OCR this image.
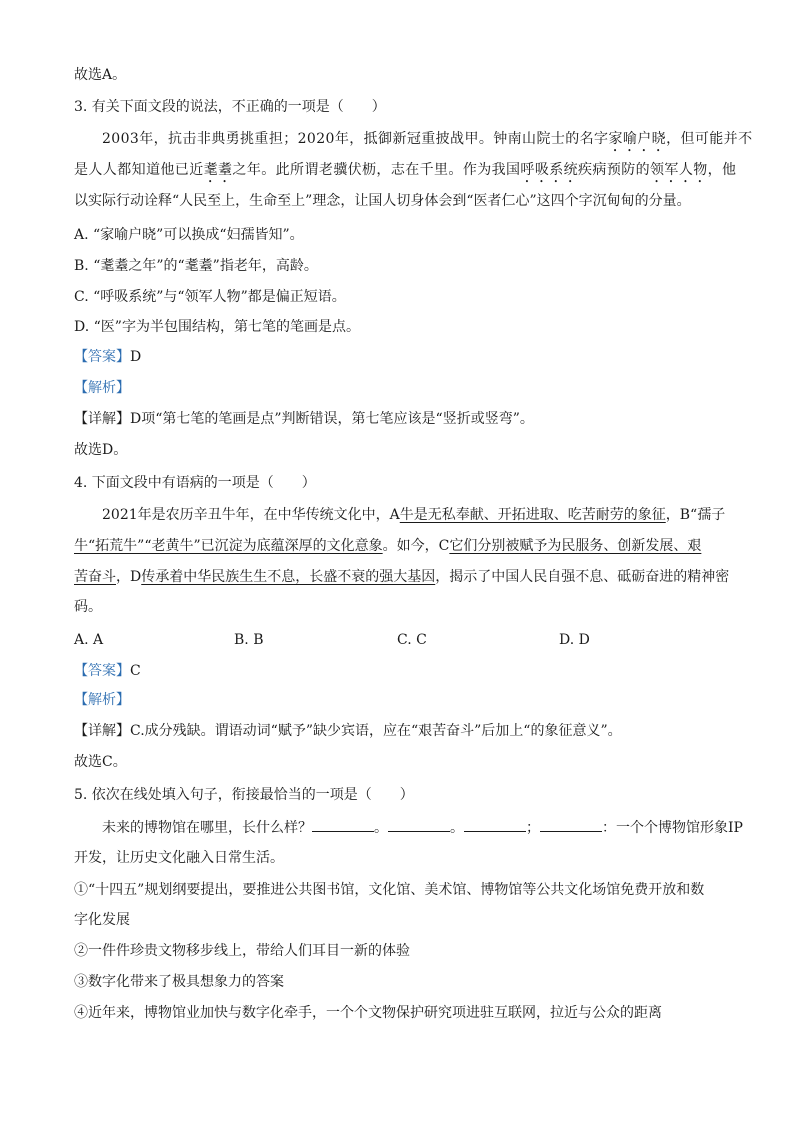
故选A。
3. 有关下面文段的说法，不正确的一项是（　　）
2003年，抗击非典勇挑重担；2020年，抵御新冠重披战甲。钟南山院士的名字家喻户晓，但可能并不
是人人都知道他已近耄耋之年。此所谓老骥伏枥，志在千里。作为我国呼吸系统疾病预防的领军人物，他
以实际行动诠释“人民至上，生命至上”理念，让国人切身体会到“医者仁心”这四个字沉甸甸的分量。
A. “家喻户晓”可以换成“妇孺皆知”。
B. “耄耋之年”的“耄耋”指老年，高龄。
C. “呼吸系统”与“领军人物”都是偏正短语。
D. “医”字为半包围结构，第七笔的笔画是点。
【答案】D
【解析】
【详解】D项“第七笔的笔画是点”判断错误，第七笔应该是“竖折或竖弯”。
故选D。
4. 下面文段中有语病的一项是（　　）
2021年是农历辛丑牛年，在中华传统文化中，A牛是无私奉献、开拓进取、吃苦耐劳的象征，B“孺子
牛“拓荒牛”“老黄牛”已沉淀为底蕴深厚的文化意象。如今，C它们分别被赋予为民服务、创新发展、艰
苦奋斗，D传承着中华民族生生不息，长盛不衰的强大基因，揭示了中国人民自强不息、砥砺奋进的精神密
码。
A. A	B. B	C. C	D. D
【答案】C
【解析】
【详解】C.成分残缺。谓语动词“赋予”缺少宾语，应在“艰苦奋斗”后加上“的象征意义”。
故选C。
5. 依次在线处填入句子，衔接最恰当的一项是（　　）
未来的博物馆在哪里，长什么样？	。	。	；	：一个个博物馆形象IP
开发，让历史文化融入日常生活。
①“十四五”规划纲要提出，要推进公共图书馆，文化馆、美术馆、博物馆等公共文化场馆免费开放和数
字化发展
②一件件珍贵文物移步线上，带给人们耳目一新的体验
③数字化带来了极具想象力的答案
④近年来，博物馆业加快与数字化牵手，一个个文物保护研究项进驻互联网，拉近与公众的距离
